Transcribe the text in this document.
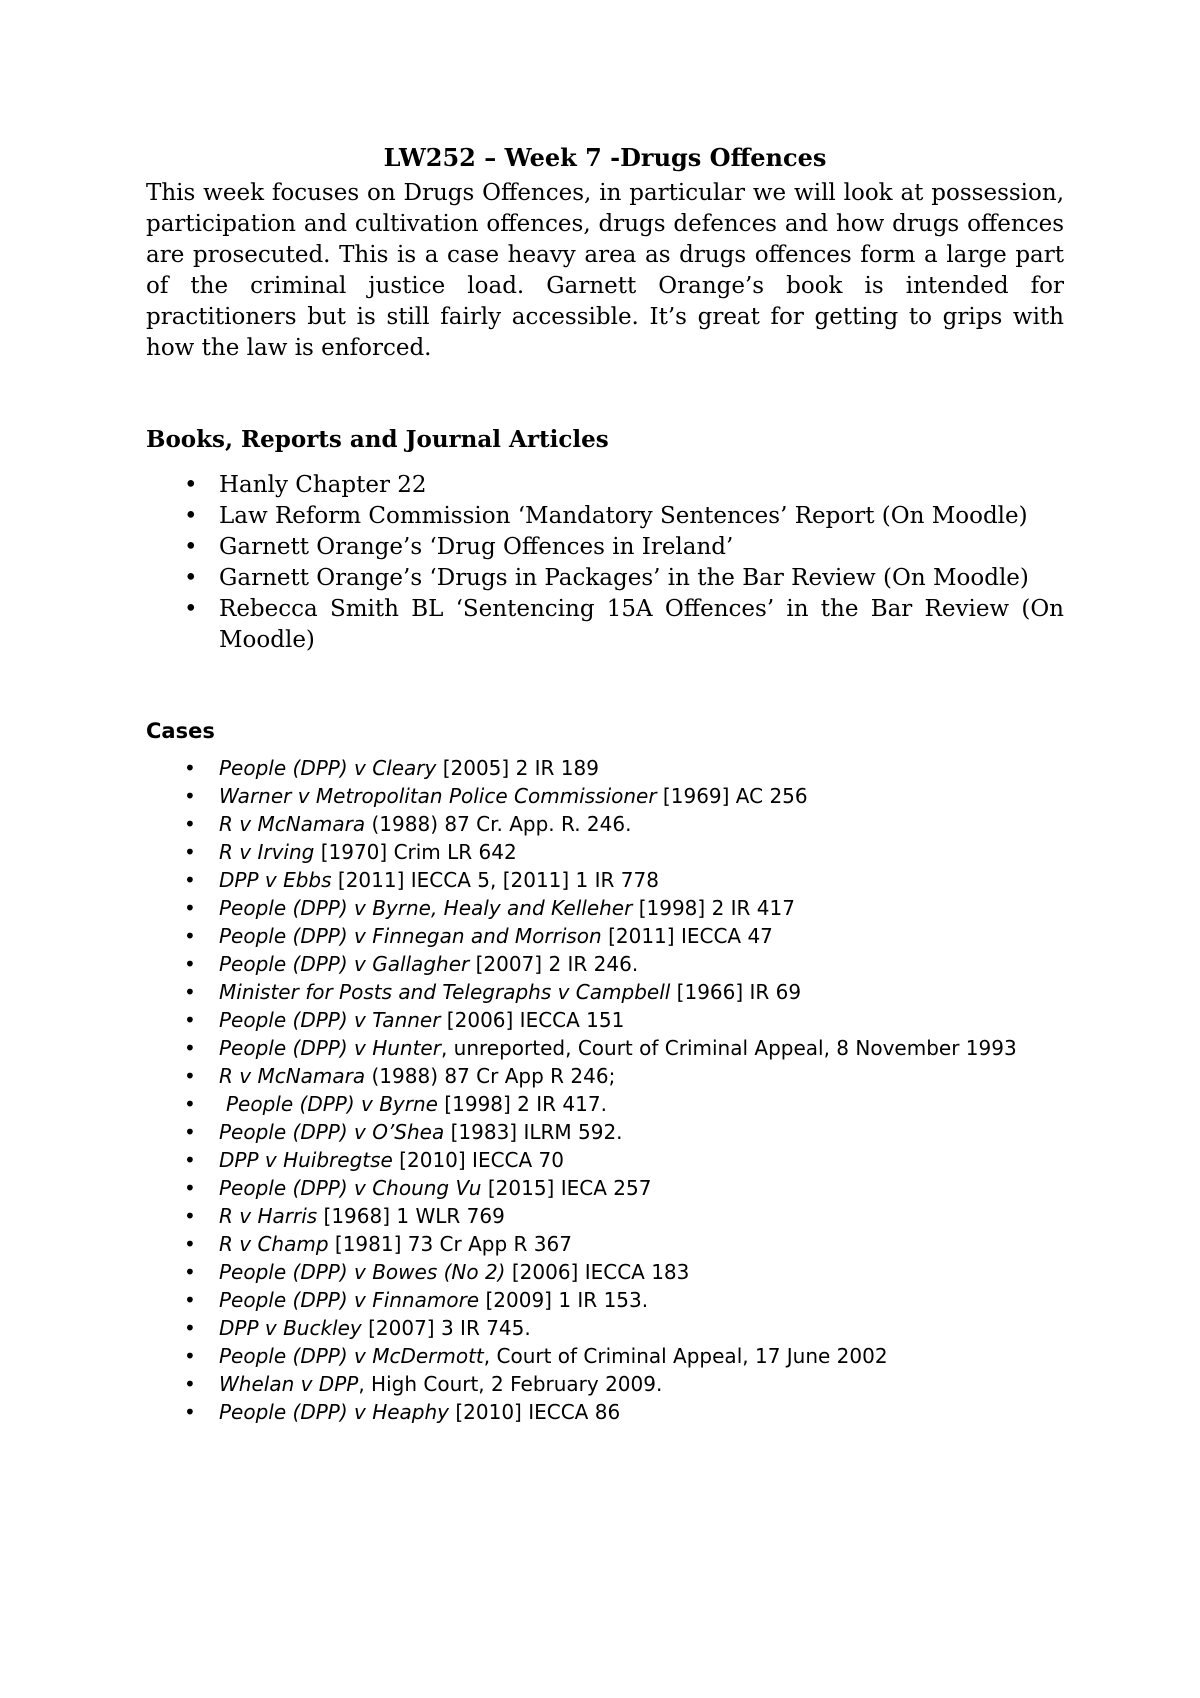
LW252 – Week 7 -Drugs Offences

This week focuses on Drugs Offences, in particular we will look at possession, participation and cultivation offences, drugs defences and how drugs offences are prosecuted. This is a case heavy area as drugs offences form a large part of the criminal justice load. Garnett Orange’s book is intended for practitioners but is still fairly accessible. It’s great for getting to grips with how the law is enforced.

Books, Reports and Journal Articles
• Hanly Chapter 22
• Law Reform Commission ‘Mandatory Sentences’ Report (On Moodle)
• Garnett Orange’s ‘Drug Offences in Ireland’
• Garnett Orange’s ‘Drugs in Packages’ in the Bar Review (On Moodle)
• Rebecca Smith BL ‘Sentencing 15A Offences’ in the Bar Review (On Moodle)
Cases
• People (DPP) v Cleary [2005] 2 IR 189
• Warner v Metropolitan Police Commissioner [1969] AC 256
• R v McNamara (1988) 87 Cr. App. R. 246.
• R v Irving [1970] Crim LR 642
• DPP v Ebbs [2011] IECCA 5, [2011] 1 IR 778
• People (DPP) v Byrne, Healy and Kelleher [1998] 2 IR 417
• People (DPP) v Finnegan and Morrison [2011] IECCA 47
• People (DPP) v Gallagher [2007] 2 IR 246.
• Minister for Posts and Telegraphs v Campbell [1966] IR 69
• People (DPP) v Tanner [2006] IECCA 151
• People (DPP) v Hunter, unreported, Court of Criminal Appeal, 8 November 1993
• R v McNamara (1988) 87 Cr App R 246;
• People (DPP) v Byrne [1998] 2 IR 417.
• People (DPP) v O’Shea [1983] ILRM 592.
• DPP v Huibregtse [2010] IECCA 70
• People (DPP) v Choung Vu [2015] IECA 257
• R v Harris [1968] 1 WLR 769
• R v Champ [1981] 73 Cr App R 367
• People (DPP) v Bowes (No 2) [2006] IECCA 183
• People (DPP) v Finnamore [2009] 1 IR 153.
• DPP v Buckley [2007] 3 IR 745.
• People (DPP) v McDermott, Court of Criminal Appeal, 17 June 2002
• Whelan v DPP, High Court, 2 February 2009.
• People (DPP) v Heaphy [2010] IECCA 86
